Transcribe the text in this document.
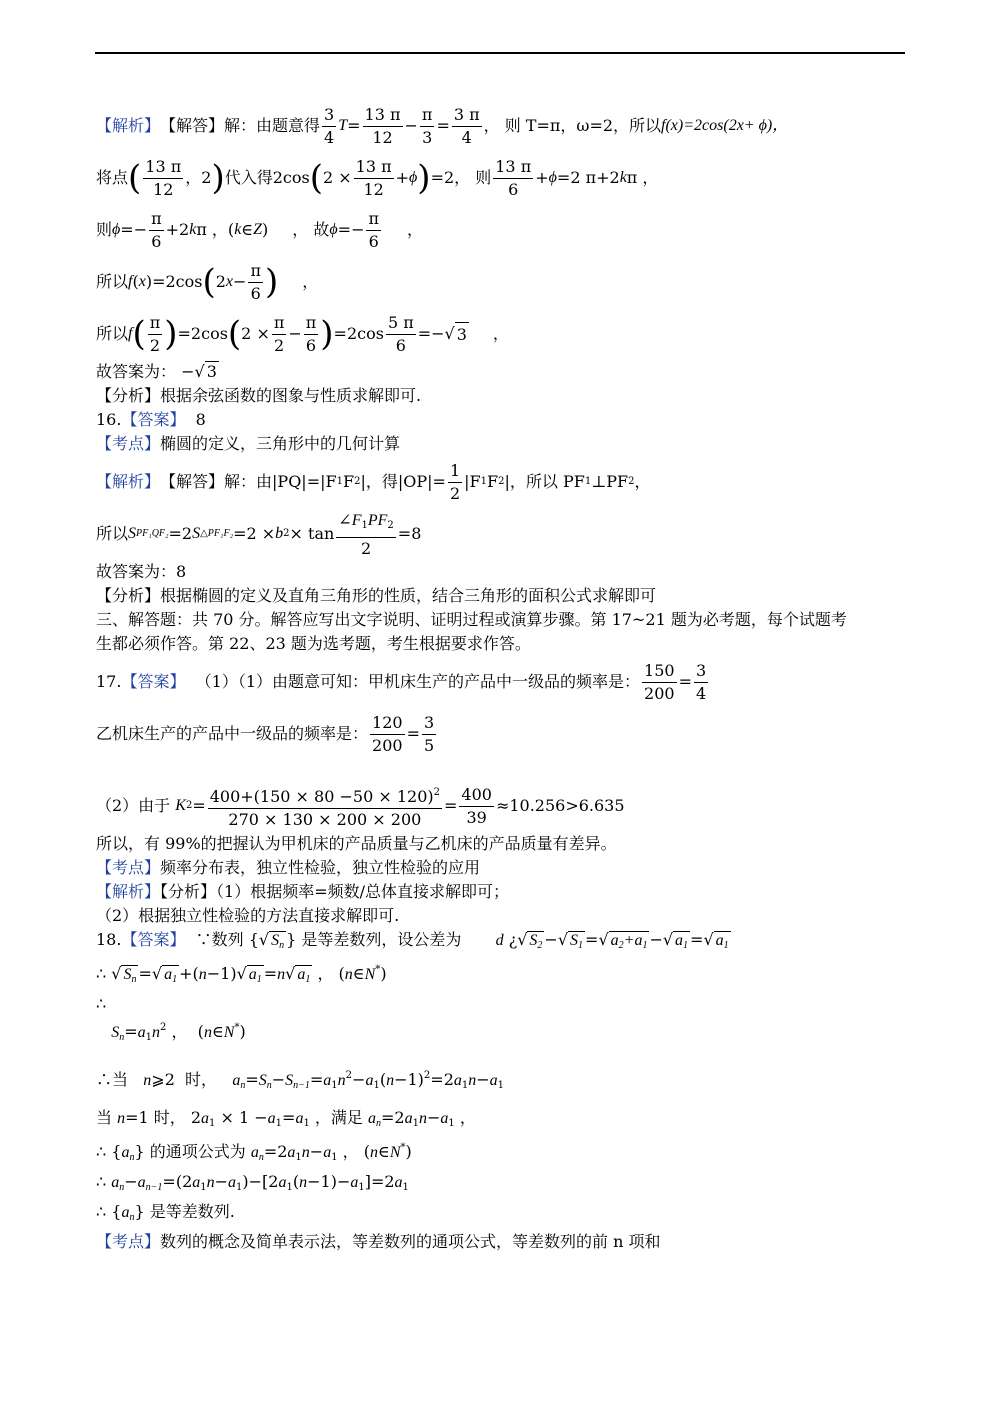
【解析】 【解答】 解：由题意得 $\frac{3}{4}$ $T = \frac{13 \pi}{12} - \frac{\pi}{3} = \frac{3 \pi}{4}$ ， 则 T=π，ω=2，所以 f(x)=2cos(2x+ ϕ)，
将点 ( $\frac{13 \pi}{12}$ ，2 ) 代入得 2cos ( $2 \times \frac{13 \pi}{12} + \phi$ ) =2 ， 则 $\frac{13 \pi}{6} + \phi =2$ π+2 k π ，
则 $\phi =- \frac{\pi}{6} +2$ k π ，( k ∈ Z )
， 故 $\phi =- \frac{\pi}{6}$ ，
所以 f ( x )=2cos ( 2 $x - \frac{\pi}{6}$ ) ，
所以 f ( $\frac{\pi}{2}$ ) =2cos ( $2 \times \frac{\pi}{2} - \frac{\pi}{6}$ ) $=2\cos \frac{5 \pi}{6}$ =−√ 3 ，
故答案为： −√ 3
【分析】根据余弦函数的图象与性质求解即可.
16.【答案】 8
【考点】椭圆的定义，三角形中的几何计算
【解析】 【解答】 解：由|PQ|=|F 1 F 2 |，得$|OP|= \frac{1}{2} |F$ 1 F 2 |，所以 PF 1 ⊥PF 2 ，
所以 S PF₁QF₂ =2 S △PF₁F₂ =2 × b $2 \times \tan \frac{\angle F_1PF_2}{2} =8$
故答案为：8
【分析】根据椭圆的定义及直角三角形的性质，结合三角形的面积公式求解即可
三、解答题：共 70 分。解答应写出文字说明、证明过程或演算步骤。第 17~21 题为必考题，每个试题考
生都必须作答。第 22、23 题为选考题，考生根据要求作答。
17. 【答案】
（1）（1）由题意可知：甲机床生产的产品中一级品的频率是： $\frac{150}{200} = \frac{3}{4}$
乙机床生产的产品中一级品的频率是： $\frac{120}{200} = \frac{3}{5}$
（2）由于
K $2 = \frac{400+(150 \times 80 -50 \times 120)^2}{270 \times 130 \times 200 \times 200} = \frac{400}{39} \approx 10.256>6.635$
所以，有 99%的把握认为甲机床的产品质量与乙机床的产品质量有差异。
【考点】频率分布表，独立性检验，独立性检验的应用
【解析】【分析】（1）根据频率=频数/总体直接求解即可；
（2）根据独立性检验的方法直接求解即可.
18.【答案】  ∵数列 {√ $S_n$ } 是等差数列，设公差为  d ¿√ $S_2$ −√ $S_1$ =√ $a_2+a_1$ −√ $a_1$ =√ $a_1$
∴ √ $S_n$ =√ $a_1 +(n-1)√$ $a_1 =n√$ $a_1$ ， (n∈N*)
∴
$S_n=a_1n^2$ ，  (n∈N*)
∴当 n⩾2  时， $a_n=S_n-S_{n-1}=a_1n^2-a_1(n-1)^2=2a_1n-a_1$
当 n=1 时， $2a_1 \times 1 -a_1=a_1$ ，满足 $a_n=2a_1n-a_1$ ，
∴ $\{a_n\}$ 的通项公式为 $a_n=2a_1n-a_1$ ， (n∈N*)
∴ $a_n-a_{n-1}=(2a_1n-a_1)-[2a_1(n-1)-a_1]=2a_1$
∴ $\{a_n\}$ 是等差数列.
【考点】数列的概念及简单表示法，等差数列的通项公式，等差数列的前 n 项和
